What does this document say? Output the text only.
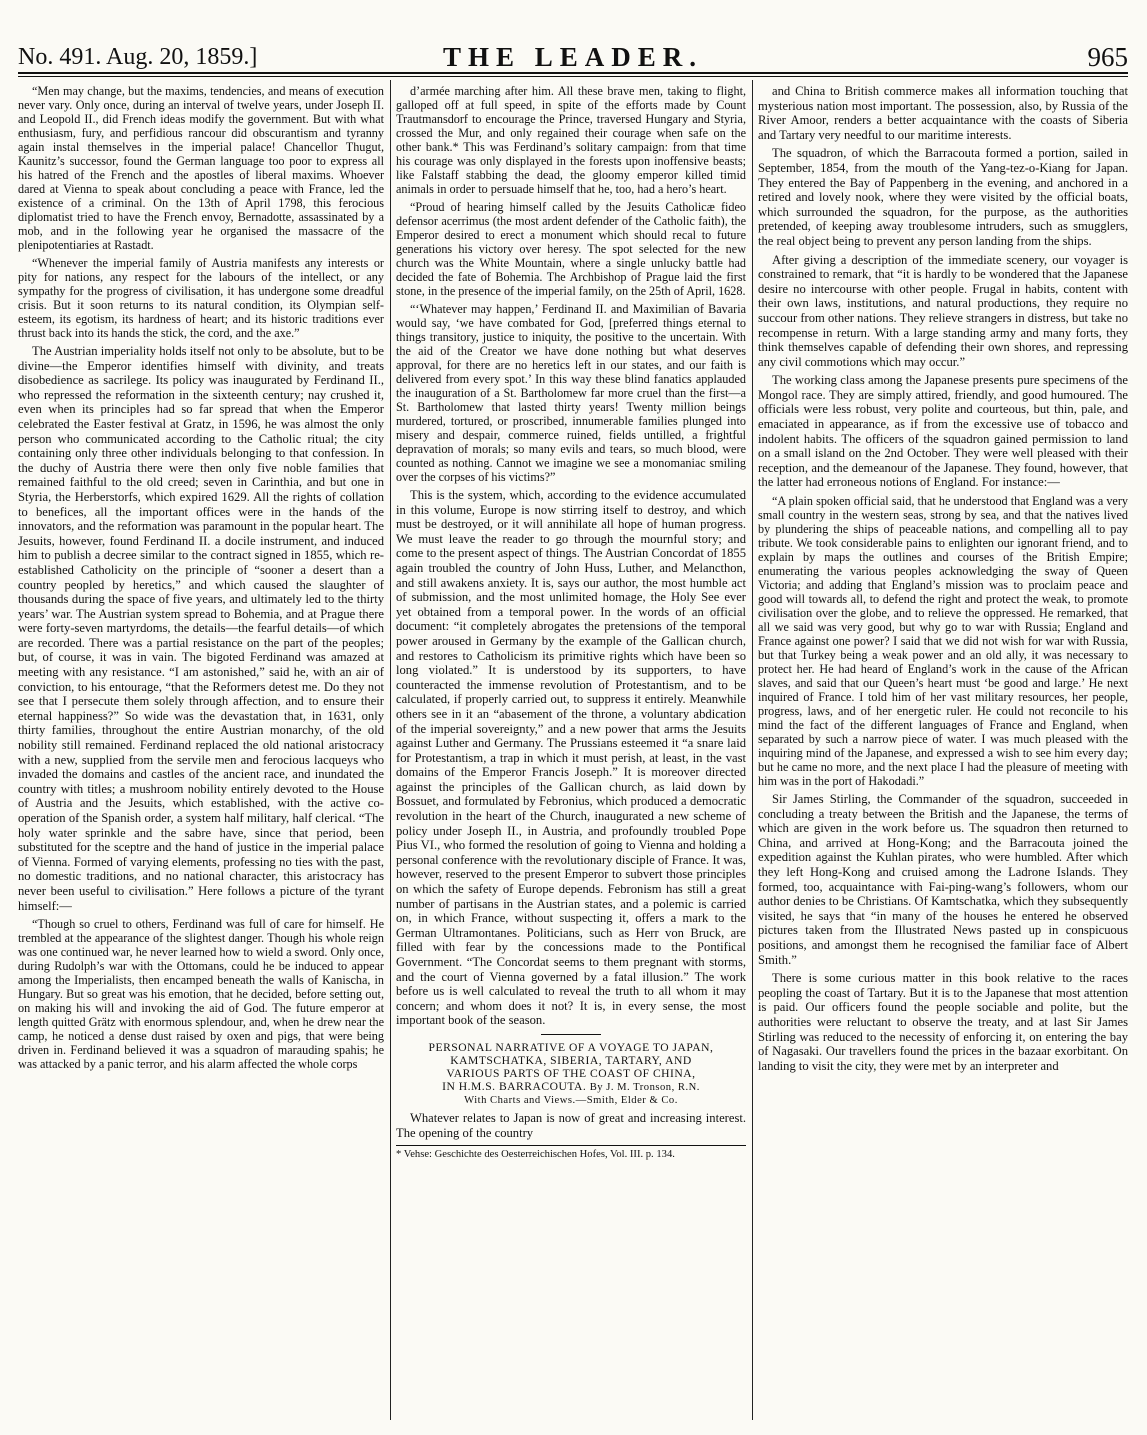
No. 491. Aug. 20, 1859.]	THE LEADER.	965

“Men may change, but the maxims, tendencies, and means of execution never vary. Only once, during an interval of twelve years, under Joseph II. and Leopold II., did French ideas modify the government. But with what enthusiasm, fury, and perfidious rancour did obscurantism and tyranny again instal themselves in the imperial palace! Chancellor Thugut, Kaunitz’s successor, found the German language too poor to express all his hatred of the French and the apostles of liberal maxims. Whoever dared at Vienna to speak about concluding a peace with France, led the existence of a criminal. On the 13th of April 1798, this ferocious diplomatist tried to have the French envoy, Bernadotte, assassinated by a mob, and in the following year he organised the massacre of the plenipotentiaries at Rastadt.

“Whenever the imperial family of Austria manifests any interests or pity for nations, any respect for the labours of the intellect, or any sympathy for the progress of civilisation, it has undergone some dreadful crisis. But it soon returns to its natural condition, its Olympian self-esteem, its egotism, its hardness of heart; and its historic traditions ever thrust back into its hands the stick, the cord, and the axe.”

The Austrian imperiality holds itself not only to be absolute, but to be divine—the Emperor identifies himself with divinity, and treats disobedience as sacrilege. Its policy was inaugurated by Ferdinand II., who repressed the reformation in the sixteenth century; nay crushed it, even when its principles had so far spread that when the Emperor celebrated the Easter festival at Gratz, in 1596, he was almost the only person who communicated according to the Catholic ritual; the city containing only three other individuals belonging to that confession. In the duchy of Austria there were then only five noble families that remained faithful to the old creed; seven in Carinthia, and but one in Styria, the Herberstorfs, which expired 1629. All the rights of collation to benefices, all the important offices were in the hands of the innovators, and the reformation was paramount in the popular heart. The Jesuits, however, found Ferdinand II. a docile instrument, and induced him to publish a decree similar to the contract signed in 1855, which re-established Catholicity on the principle of “sooner a desert than a country peopled by heretics,” and which caused the slaughter of thousands during the space of five years, and ultimately led to the thirty years’ war. The Austrian system spread to Bohemia, and at Prague there were forty-seven martyrdoms, the details—the fearful details—of which are recorded. There was a partial resistance on the part of the peoples; but, of course, it was in vain. The bigoted Ferdinand was amazed at meeting with any resistance. “I am astonished,” said he, with an air of conviction, to his entourage, “that the Reformers detest me. Do they not see that I persecute them solely through affection, and to ensure their eternal happiness?” So wide was the devastation that, in 1631, only thirty families, throughout the entire Austrian monarchy, of the old nobility still remained. Ferdinand replaced the old national aristocracy with a new, supplied from the servile men and ferocious lacqueys who invaded the domains and castles of the ancient race, and inundated the country with titles; a mushroom nobility entirely devoted to the House of Austria and the Jesuits, which established, with the active co-operation of the Spanish order, a system half military, half clerical. “The holy water sprinkle and the sabre have, since that period, been substituted for the sceptre and the hand of justice in the imperial palace of Vienna. Formed of varying elements, professing no ties with the past, no domestic traditions, and no national character, this aristocracy has never been useful to civilisation.” Here follows a picture of the tyrant himself:—

“Though so cruel to others, Ferdinand was full of care for himself. He trembled at the appearance of the slightest danger. Though his whole reign was one continued war, he never learned how to wield a sword. Only once, during Rudolph’s war with the Ottomans, could he be induced to appear among the Imperialists, then encamped beneath the walls of Kanischa, in Hungary. But so great was his emotion, that he decided, before setting out, on making his will and invoking the aid of God. The future emperor at length quitted Grätz with enormous splendour, and, when he drew near the camp, he noticed a dense dust raised by oxen and pigs, that were being driven in. Ferdinand believed it was a squadron of marauding spahis; he was attacked by a panic terror, and his alarm affected the whole corps

d’armée marching after him. All these brave men, taking to flight, galloped off at full speed, in spite of the efforts made by Count Trautmansdorf to encourage the Prince, traversed Hungary and Styria, crossed the Mur, and only regained their courage when safe on the other bank.* This was Ferdinand’s solitary campaign: from that time his courage was only displayed in the forests upon inoffensive beasts; like Falstaff stabbing the dead, the gloomy emperor killed timid animals in order to persuade himself that he, too, had a hero’s heart.

“Proud of hearing himself called by the Jesuits Catholicæ fideo defensor acerrimus (the most ardent defender of the Catholic faith), the Emperor desired to erect a monument which should recal to future generations his victory over heresy. The spot selected for the new church was the White Mountain, where a single unlucky battle had decided the fate of Bohemia. The Archbishop of Prague laid the first stone, in the presence of the imperial family, on the 25th of April, 1628.

“‘Whatever may happen,’ Ferdinand II. and Maximilian of Bavaria would say, ‘we have combated for God, [preferred things eternal to things transitory, justice to iniquity, the positive to the uncertain. With the aid of the Creator we have done nothing but what deserves approval, for there are no heretics left in our states, and our faith is delivered from every spot.’ In this way these blind fanatics applauded the inauguration of a St. Bartholomew far more cruel than the first—a St. Bartholomew that lasted thirty years! Twenty million beings murdered, tortured, or proscribed, innumerable families plunged into misery and despair, commerce ruined, fields untilled, a frightful depravation of morals; so many evils and tears, so much blood, were counted as nothing. Cannot we imagine we see a monomaniac smiling over the corpses of his victims?”

This is the system, which, according to the evidence accumulated in this volume, Europe is now stirring itself to destroy, and which must be destroyed, or it will annihilate all hope of human progress. We must leave the reader to go through the mournful story; and come to the present aspect of things. The Austrian Concordat of 1855 again troubled the country of John Huss, Luther, and Melancthon, and still awakens anxiety. It is, says our author, the most humble act of submission, and the most unlimited homage, the Holy See ever yet obtained from a temporal power. In the words of an official document: “it completely abrogates the pretensions of the temporal power aroused in Germany by the example of the Gallican church, and restores to Catholicism its primitive rights which have been so long violated.” It is understood by its supporters, to have counteracted the immense revolution of Protestantism, and to be calculated, if properly carried out, to suppress it entirely. Meanwhile others see in it an “abasement of the throne, a voluntary abdication of the imperial sovereignty,” and a new power that arms the Jesuits against Luther and Germany. The Prussians esteemed it “a snare laid for Protestantism, a trap in which it must perish, at least, in the vast domains of the Emperor Francis Joseph.” It is moreover directed against the principles of the Gallican church, as laid down by Bossuet, and formulated by Febronius, which produced a democratic revolution in the heart of the Church, inaugurated a new scheme of policy under Joseph II., in Austria, and profoundly troubled Pope Pius VI., who formed the resolution of going to Vienna and holding a personal conference with the revolutionary disciple of France. It was, however, reserved to the present Emperor to subvert those principles on which the safety of Europe depends. Febronism has still a great number of partisans in the Austrian states, and a polemic is carried on, in which France, without suspecting it, offers a mark to the German Ultramontanes. Politicians, such as Herr von Bruck, are filled with fear by the concessions made to the Pontifical Government. “The Concordat seems to them pregnant with storms, and the court of Vienna governed by a fatal illusion.” The work before us is well calculated to reveal the truth to all whom it may concern; and whom does it not? It is, in every sense, the most important book of the season.

PERSONAL NARRATIVE OF A VOYAGE TO JAPAN,
KAMTSCHATKA, SIBERIA, TARTARY, AND
VARIOUS PARTS OF THE COAST OF CHINA,
IN H.M.S. BARRACOUTA. By J. M. Tronson, R.N.
With Charts and Views.—Smith, Elder & Co.

Whatever relates to Japan is now of great and increasing interest. The opening of the country

* Vehse: Geschichte des Oesterreichischen Hofes, Vol. III. p. 134.

and China to British commerce makes all information touching that mysterious nation most important. The possession, also, by Russia of the River Amoor, renders a better acquaintance with the coasts of Siberia and Tartary very needful to our maritime interests.

The squadron, of which the Barracouta formed a portion, sailed in September, 1854, from the mouth of the Yang-tez-o-Kiang for Japan. They entered the Bay of Pappenberg in the evening, and anchored in a retired and lovely nook, where they were visited by the official boats, which surrounded the squadron, for the purpose, as the authorities pretended, of keeping away troublesome intruders, such as smugglers, the real object being to prevent any person landing from the ships.

After giving a description of the immediate scenery, our voyager is constrained to remark, that “it is hardly to be wondered that the Japanese desire no intercourse with other people. Frugal in habits, content with their own laws, institutions, and natural productions, they require no succour from other nations. They relieve strangers in distress, but take no recompense in return. With a large standing army and many forts, they think themselves capable of defending their own shores, and repressing any civil commotions which may occur.”

The working class among the Japanese presents pure specimens of the Mongol race. They are simply attired, friendly, and good humoured. The officials were less robust, very polite and courteous, but thin, pale, and emaciated in appearance, as if from the excessive use of tobacco and indolent habits. The officers of the squadron gained permission to land on a small island on the 2nd October. They were well pleased with their reception, and the demeanour of the Japanese. They found, however, that the latter had erroneous notions of England. For instance:—

“A plain spoken official said, that he understood that England was a very small country in the western seas, strong by sea, and that the natives lived by plundering the ships of peaceable nations, and compelling all to pay tribute. We took considerable pains to enlighten our ignorant friend, and to explain by maps the outlines and courses of the British Empire; enumerating the various peoples acknowledging the sway of Queen Victoria; and adding that England’s mission was to proclaim peace and good will towards all, to defend the right and protect the weak, to promote civilisation over the globe, and to relieve the oppressed. He remarked, that all we said was very good, but why go to war with Russia; England and France against one power? I said that we did not wish for war with Russia, but that Turkey being a weak power and an old ally, it was necessary to protect her. He had heard of England’s work in the cause of the African slaves, and said that our Queen’s heart must ‘be good and large.’ He next inquired of France. I told him of her vast military resources, her people, progress, laws, and of her energetic ruler. He could not reconcile to his mind the fact of the different languages of France and England, when separated by such a narrow piece of water. I was much pleased with the inquiring mind of the Japanese, and expressed a wish to see him every day; but he came no more, and the next place I had the pleasure of meeting with him was in the port of Hakodadi.”

Sir James Stirling, the Commander of the squadron, succeeded in concluding a treaty between the British and the Japanese, the terms of which are given in the work before us. The squadron then returned to China, and arrived at Hong-Kong; and the Barracouta joined the expedition against the Kuhlan pirates, who were humbled. After which they left Hong-Kong and cruised among the Ladrone Islands. They formed, too, acquaintance with Fai-ping-wang’s followers, whom our author denies to be Christians. Of Kamtschatka, which they subsequently visited, he says that “in many of the houses he entered he observed pictures taken from the Illustrated News pasted up in conspicuous positions, and amongst them he recognised the familiar face of Albert Smith.”

There is some curious matter in this book relative to the races peopling the coast of Tartary. But it is to the Japanese that most attention is paid. Our officers found the people sociable and polite, but the authorities were reluctant to observe the treaty, and at last Sir James Stirling was reduced to the necessity of enforcing it, on entering the bay of Nagasaki. Our travellers found the prices in the bazaar exorbitant. On landing to visit the city, they were met by an interpreter and
